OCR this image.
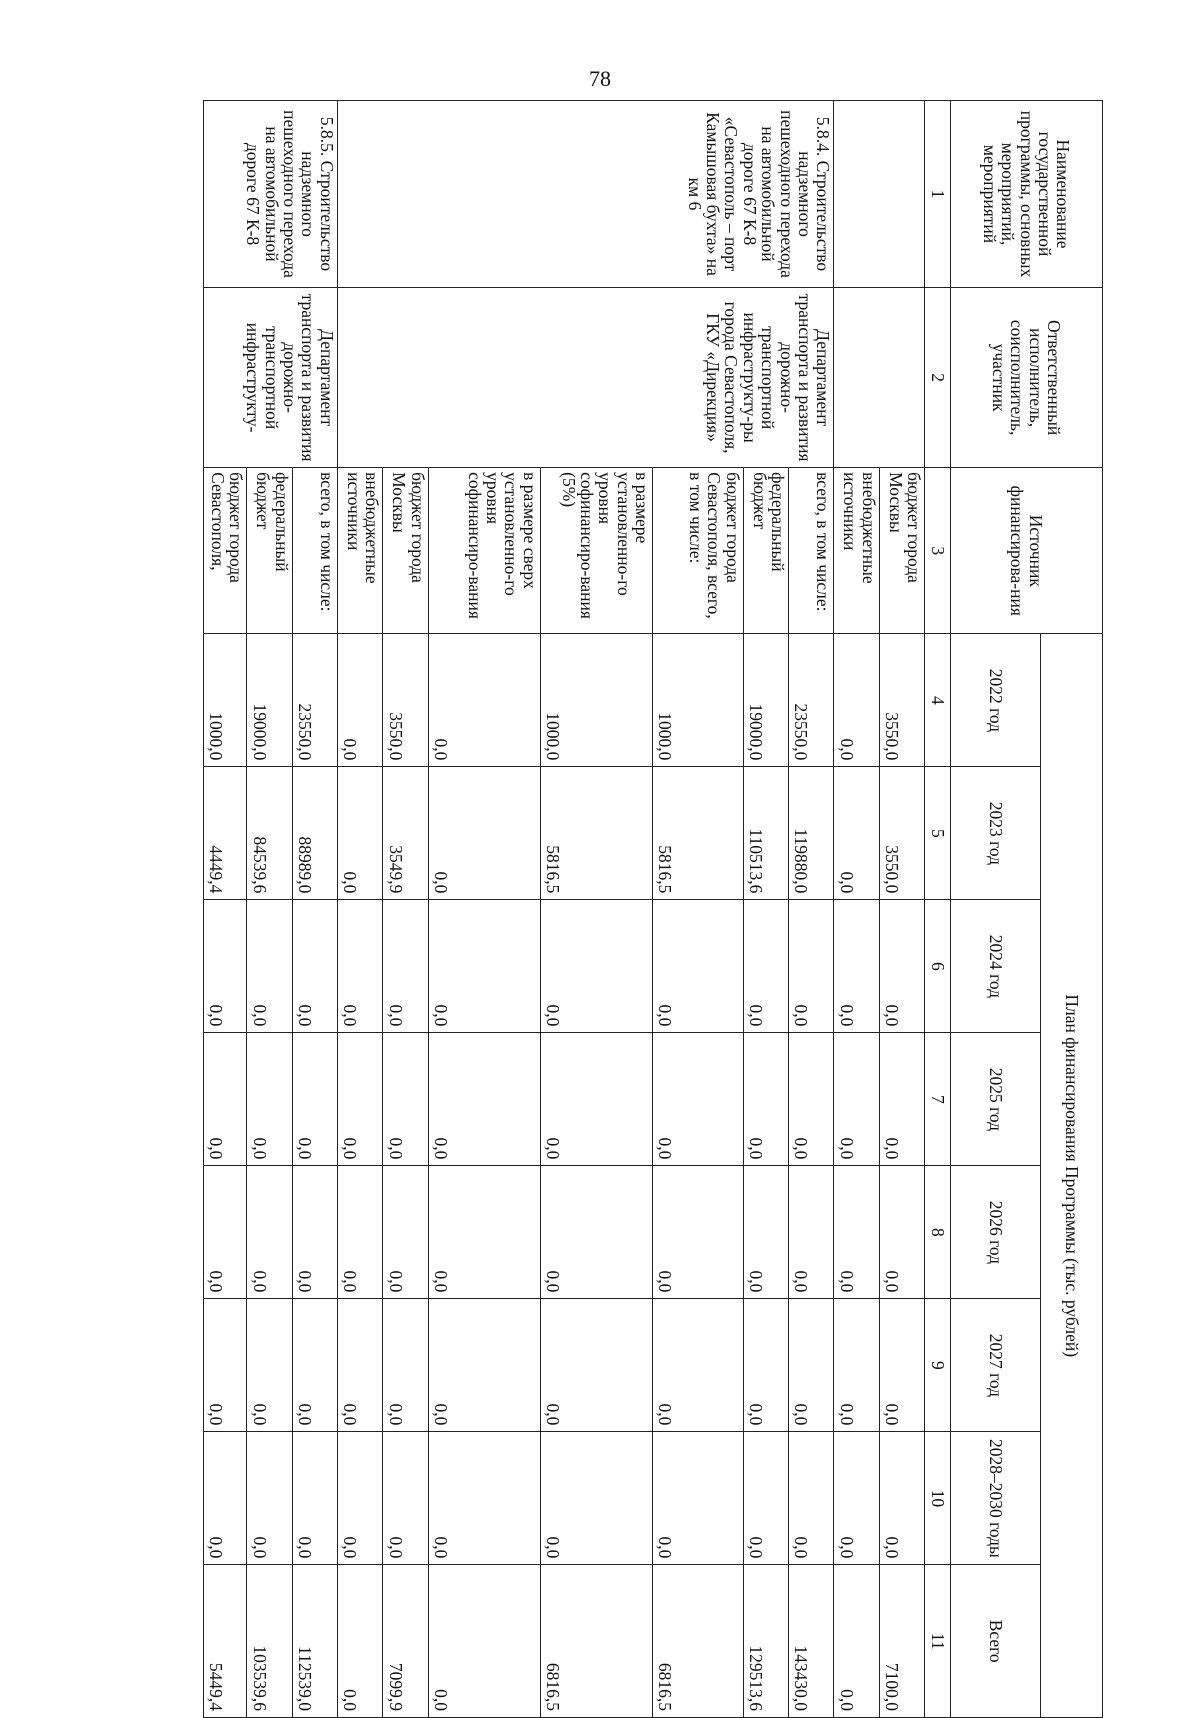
78
Наименование государственной программы, основных мероприятий, мероприятий	Ответственный исполнитель, соисполнитель, участник	Источник финансирова-ния	План финансирования Программы (тыс. рублей)							
			2022 год	2023 год	2024 год	2025 год	2026 год	2027 год	2028–2030 годы	Всего
1	2	3	4	5	6	7	8	9	10	11
		бюджет города Москвы	3550,0	3550,0	0,0	0,0	0,0	0,0	0,0	7100,0
		внебюджетные источники	0,0	0,0	0,0	0,0	0,0	0,0	0,0	0,0
5.8.4. Строительство надземного пешеходного перехода на автомобильной дороге 67 К-8 «Севастополь – порт Камышовая бухта» на км 6	Департамент транспорта и развития дорожно-транспортной инфраструкту-ры города Севастополя, ГКУ «Дирекция»	всего, в том числе:	23550,0	119880,0	0,0	0,0	0,0	0,0	0,0	143430,0
		федеральный бюджет	19000,0	110513,6	0,0	0,0	0,0	0,0	0,0	129513,6
		бюджет города Севастополя, всего, в том числе:	1000,0	5816,5	0,0	0,0	0,0	0,0	0,0	6816,5
		в размере установленно-го уровня софинансиро-вания (5%)	1000,0	5816,5	0,0	0,0	0,0	0,0	0,0	6816,5
		в размере сверх установленно-го уровня софинансиро-вания	0,0	0,0	0,0	0,0	0,0	0,0	0,0	0,0
		бюджет города Москвы	3550,0	3549,9	0,0	0,0	0,0	0,0	0,0	7099,9
		внебюджетные источники	0,0	0,0	0,0	0,0	0,0	0,0	0,0	0,0
5.8.5. Строительство надземного пешеходного перехода на автомобильной дороге 67 К-8	Департамент транспорта и развития дорожно-транспортной инфраструкту-	всего, в том числе:	23550,0	88989,0	0,0	0,0	0,0	0,0	0,0	112539,0
		федеральный бюджет	19000,0	84539,6	0,0	0,0	0,0	0,0	0,0	103539,6
		бюджет города Севастополя,	1000,0	4449,4	0,0	0,0	0,0	0,0	0,0	5449,4
